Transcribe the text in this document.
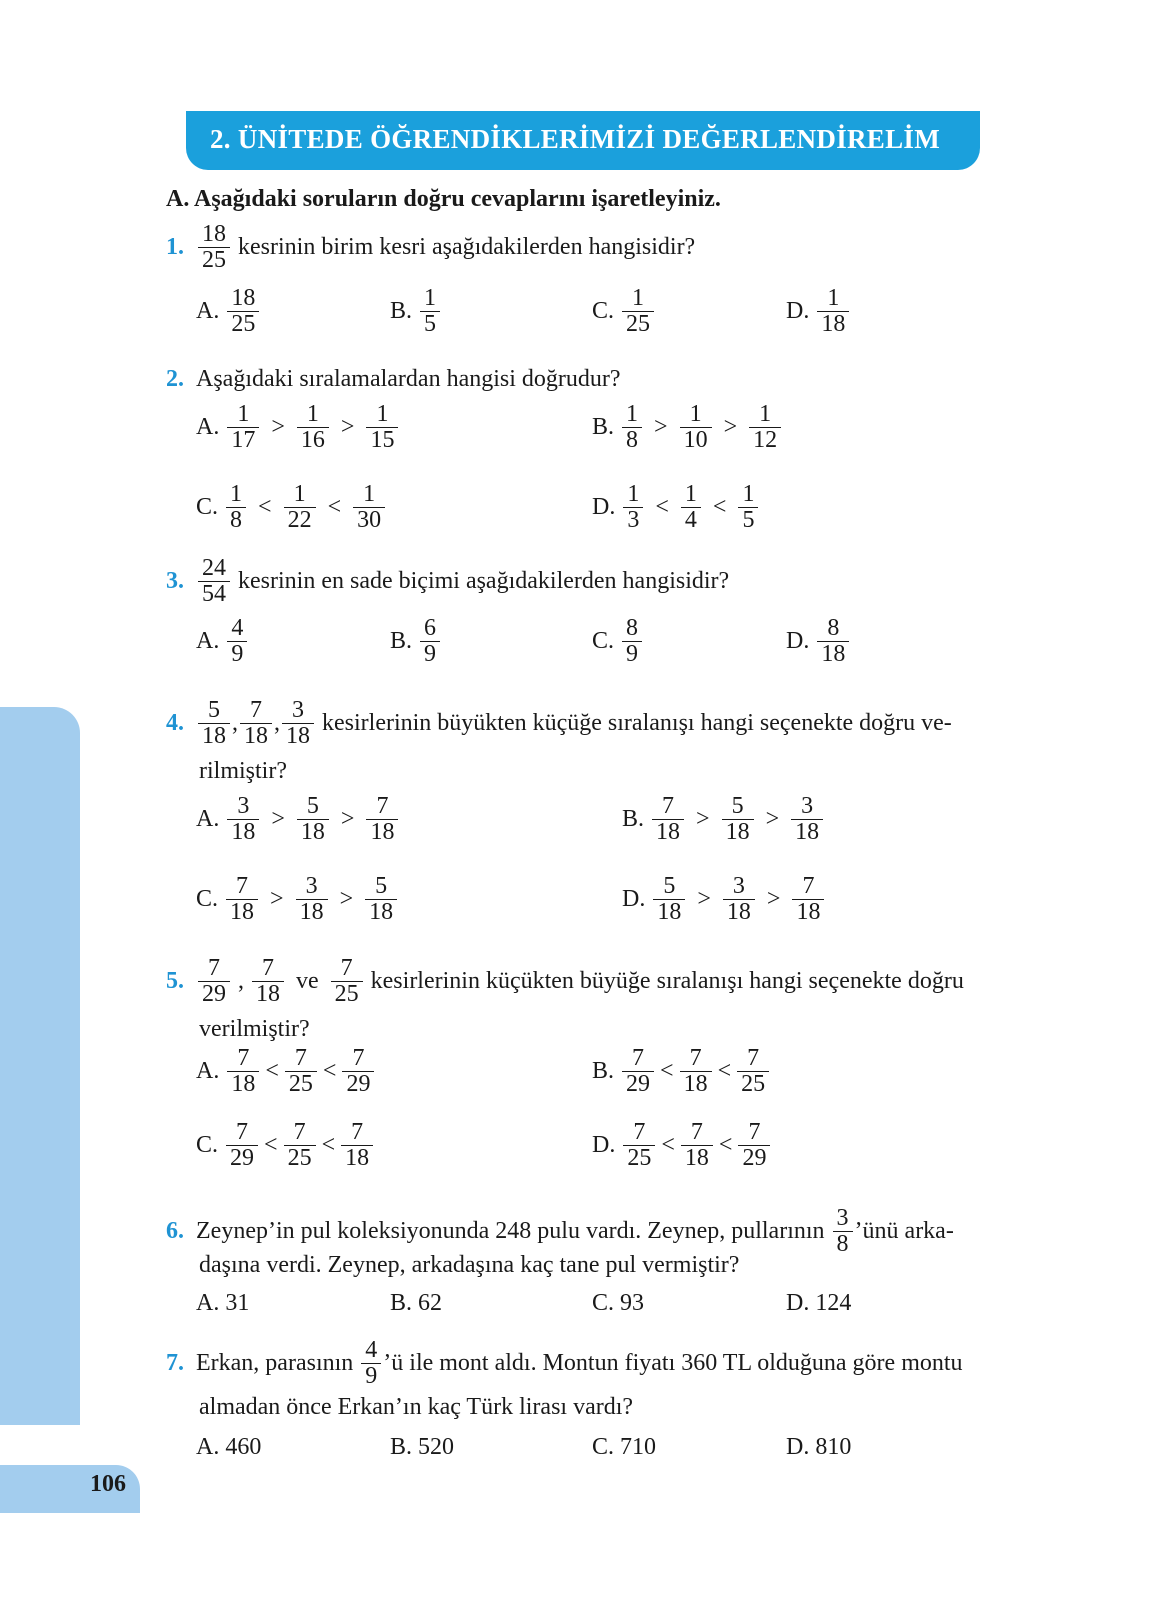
2. ÜNİTEDE ÖĞRENDİKLERİMİZİ DEĞERLENDİRELİM
106
A. Aşağıdaki soruların doğru cevaplarını işaretleyiniz.
1. $\frac{18}{25}$ kesrinin birim kesri aşağıdakilerden hangisidir?
A. $\frac{18}{25}$	B. $\frac{1}{5}$	C. $\frac{1}{25}$	D. $\frac{1}{18}$
2. Aşağıdaki sıralamalardan hangisi doğrudur?
A. $\frac{1}{17} > \frac{1}{16} > \frac{1}{15}$	B. $\frac{1}{8} > \frac{1}{10} > \frac{1}{12}$
C. $\frac{1}{8} < \frac{1}{22} < \frac{1}{30}$	D. $\frac{1}{3} < \frac{1}{4} < \frac{1}{5}$
3. $\frac{24}{54}$ kesrinin en sade biçimi aşağıdakilerden hangisidir?
A. $\frac{4}{9}$	B. $\frac{6}{9}$	C. $\frac{8}{9}$	D. $\frac{8}{18}$
4. $\frac{5}{18}$ , $\frac{7}{18}$ , $\frac{3}{18}$ kesirlerinin büyükten küçüğe sıralanışı hangi seçenekte doğru ve-
rilmiştir?
A. $\frac{3}{18} > \frac{5}{18} > \frac{7}{18}$	B. $\frac{7}{18} > \frac{5}{18} > \frac{3}{18}$
C. $\frac{7}{18} > \frac{3}{18} > \frac{5}{18}$	D. $\frac{5}{18} > \frac{3}{18} > \frac{7}{18}$
5. $\frac{7}{29}$ , $\frac{7}{18}$ ve $\frac{7}{25}$ kesirlerinin küçükten büyüğe sıralanışı hangi seçenekte doğru
verilmiştir?
A. $\frac{7}{18} < \frac{7}{25} < \frac{7}{29}$	B. $\frac{7}{29} < \frac{7}{18} < \frac{7}{25}$
C. $\frac{7}{29} < \frac{7}{25} < \frac{7}{18}$	D. $\frac{7}{25} < \frac{7}{18} < \frac{7}{29}$
6. Zeynep’in pul koleksiyonunda 248 pulu vardı. Zeynep, pullarının $\frac{3}{8}$ ’ünü arka-
daşına verdi. Zeynep, arkadaşına kaç tane pul vermiştir?
A. 31	B. 62	C. 93	D. 124
7. Erkan, parasının $\frac{4}{9}$ ’ü ile mont aldı. Montun fiyatı 360 TL olduğuna göre montu
almadan önce Erkan’ın kaç Türk lirası vardı?
A. 460	B. 520	C. 710	D. 810
